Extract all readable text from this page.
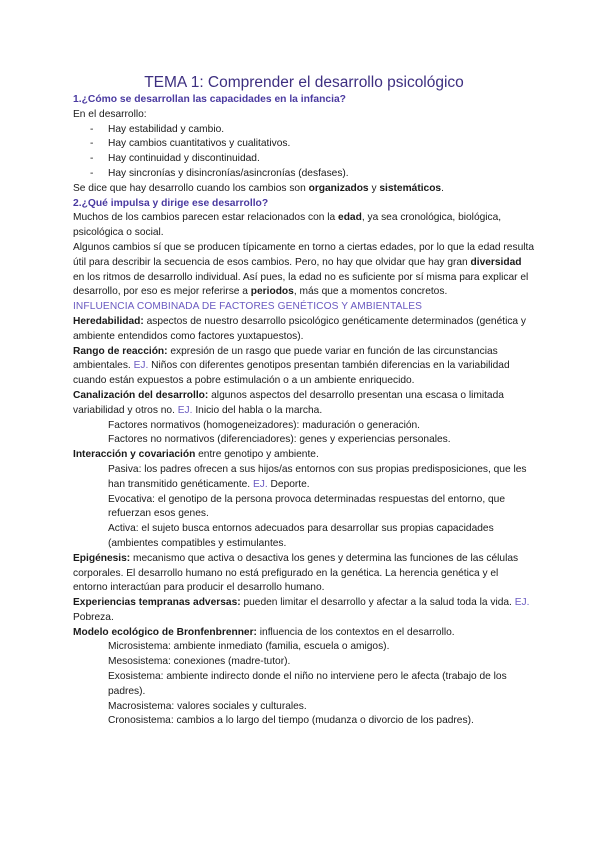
TEMA 1: Comprender el desarrollo psicológico
1.¿Cómo se desarrollan las capacidades en la infancia?
En el desarrollo:
-	Hay estabilidad y cambio.
-	Hay cambios cuantitativos y cualitativos.
-	Hay continuidad y discontinuidad.
-	Hay sincronías y disincronías/asincronías (desfases).
Se dice que hay desarrollo cuando los cambios son organizados y sistemáticos.
2.¿Qué impulsa y dirige ese desarrollo?
Muchos de los cambios parecen estar relacionados con la edad, ya sea cronológica, biológica, psicológica o social.
Algunos cambios sí que se producen típicamente en torno a ciertas edades, por lo que la edad resulta útil para describir la secuencia de esos cambios. Pero, no hay que olvidar que hay gran diversidad en los ritmos de desarrollo individual. Así pues, la edad no es suficiente por sí misma para explicar el desarrollo, por eso es mejor referirse a periodos, más que a momentos concretos.
INFLUENCIA COMBINADA DE FACTORES GENÉTICOS Y AMBIENTALES
Heredabilidad: aspectos de nuestro desarrollo psicológico genéticamente determinados (genética y ambiente entendidos como factores yuxtapuestos).
Rango de reacción: expresión de un rasgo que puede variar en función de las circunstancias ambientales. EJ. Niños con diferentes genotipos presentan también diferencias en la variabilidad cuando están expuestos a pobre estimulación o a un ambiente enriquecido.
Canalización del desarrollo: algunos aspectos del desarrollo presentan una escasa o limitada variabilidad y otros no. EJ. Inicio del habla o la marcha.
Factores normativos (homogeneizadores): maduración o generación.
Factores no normativos (diferenciadores): genes y experiencias personales.
Interacción y covariación entre genotipo y ambiente.
Pasiva: los padres ofrecen a sus hijos/as entornos con sus propias predisposiciones, que les han transmitido genéticamente. EJ. Deporte.
Evocativa: el genotipo de la persona provoca determinadas respuestas del entorno, que refuerzan esos genes.
Activa: el sujeto busca entornos adecuados para desarrollar sus propias capacidades (ambientes compatibles y estimulantes.
Epigénesis: mecanismo que activa o desactiva los genes y determina las funciones de las células corporales. El desarrollo humano no está prefigurado en la genética. La herencia genética y el entorno interactúan para producir el desarrollo humano.
Experiencias tempranas adversas: pueden limitar el desarrollo y afectar a la salud toda la vida. EJ. Pobreza.
Modelo ecológico de Bronfenbrenner: influencia de los contextos en el desarrollo.
Microsistema: ambiente inmediato (familia, escuela o amigos).
Mesosistema: conexiones (madre-tutor).
Exosistema: ambiente indirecto donde el niño no interviene pero le afecta (trabajo de los padres).
Macrosistema: valores sociales y culturales.
Cronosistema: cambios a lo largo del tiempo (mudanza o divorcio de los padres).
